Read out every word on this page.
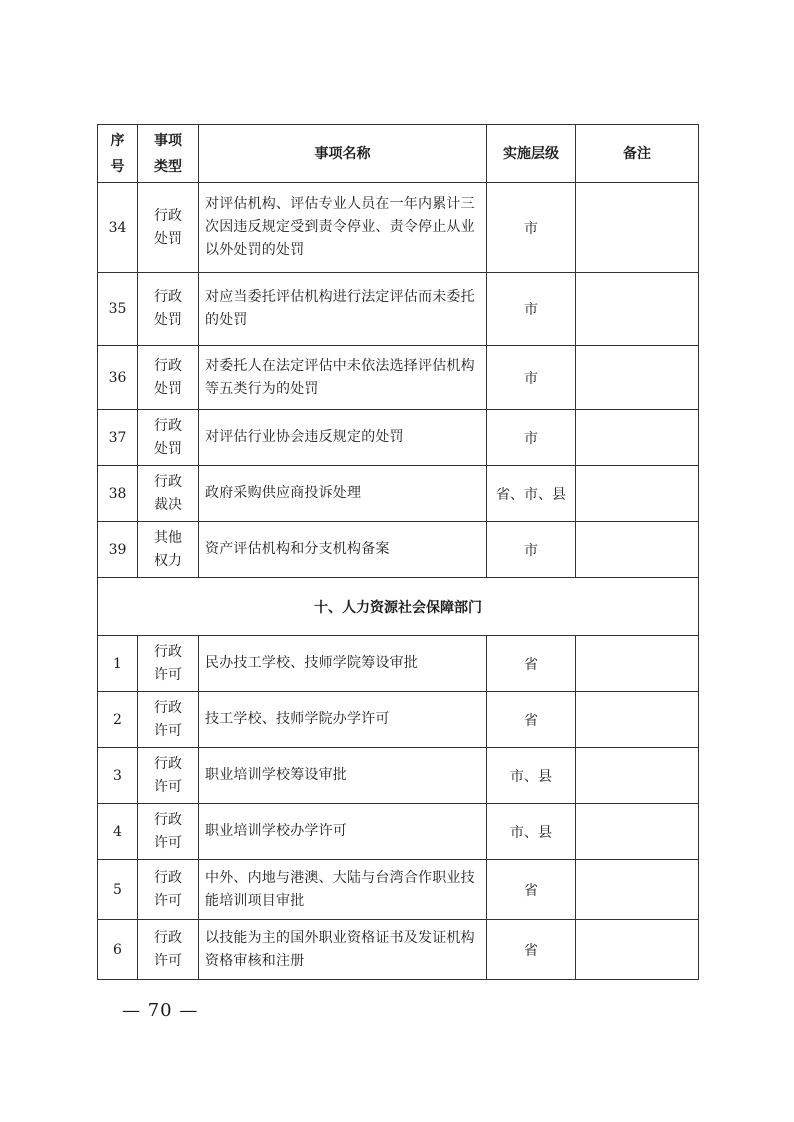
序号	事项类型	事项名称	实施层级	备注
34	行政处罚	对评估机构、评估专业人员在一年内累计三次因违反规定受到责令停业、责令停止从业以外处罚的处罚	市	
35	行政处罚	对应当委托评估机构进行法定评估而未委托的处罚	市	
36	行政处罚	对委托人在法定评估中未依法选择评估机构等五类行为的处罚	市	
37	行政处罚	对评估行业协会违反规定的处罚	市	
38	行政裁决	政府采购供应商投诉处理	省、市、县	
39	其他权力	资产评估机构和分支机构备案	市	
十、人力资源社会保障部门				
1	行政许可	民办技工学校、技师学院筹设审批	省	
2	行政许可	技工学校、技师学院办学许可	省	
3	行政许可	职业培训学校筹设审批	市、县	
4	行政许可	职业培训学校办学许可	市、县	
5	行政许可	中外、内地与港澳、大陆与台湾合作职业技能培训项目审批	省	
6	行政许可	以技能为主的国外职业资格证书及发证机构资格审核和注册	省	
— 70 —
